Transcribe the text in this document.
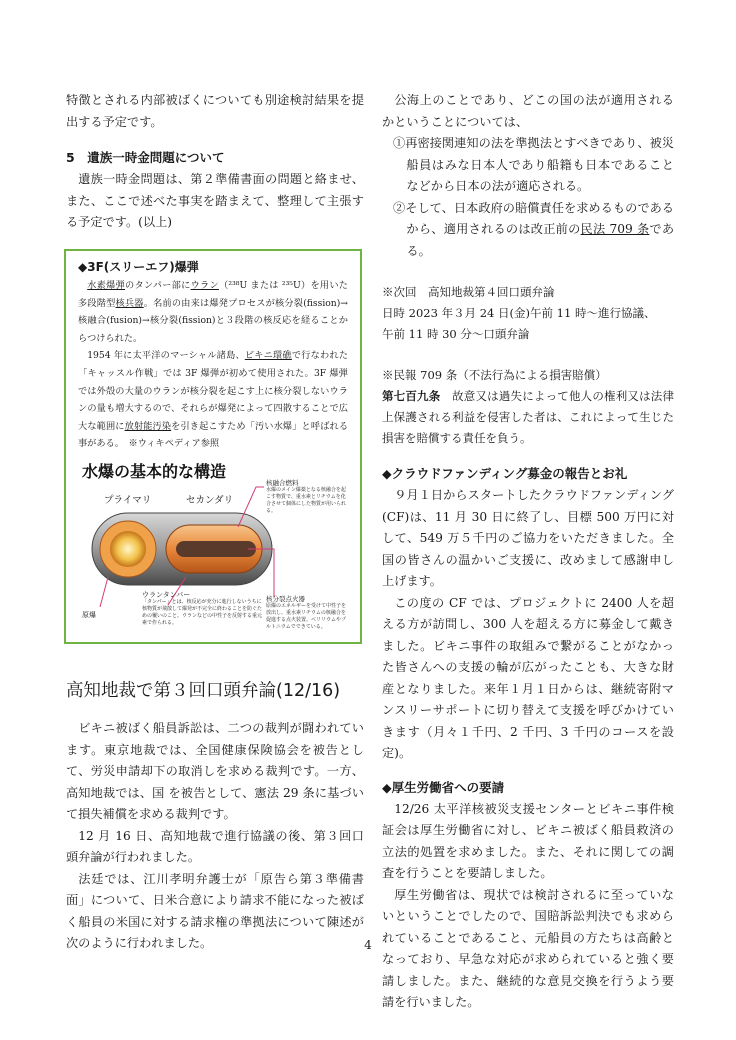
特徴とされる内部被ばくについても別途検討結果を提出する予定です。

5　遺族一時金問題について

遺族一時金問題は、第２準備書面の問題と絡ませ、また、ここで述べた事実を踏まえて、整理して主張する予定です。(以上)

◆3F(スリーエフ)爆弾

水素爆弾のタンパー部にウラン（²³⁸U または ²³⁵U）を用いた多段階型核兵器。名前の由来は爆発プロセスが核分裂(fission)→核融合(fusion)→核分裂(fission)と３段階の核反応を経ることからつけられた。

1954 年に太平洋のマーシャル諸島、ビキニ環礁で行なわれた「キャッスル作戦」では 3F 爆弾が初めて使用された。3F 爆弾では外殻の大量のウランが核分裂を起こす上に核分裂しないウランの量も増大するので、それらが爆発によって四散することで広大な範囲に放射能汚染を引き起こすため「汚い水爆」と呼ばれる事がある。　※ウィキペディア参照

水爆の基本的な構造
プライマリ	セカンダリ
原爆
ウランタンパー
核融合燃料
核分裂点火器
水爆のメイン爆薬となる核融合を起こす物質で、重水素とリチウムを化合させて個体にした物質が用いられる。
「タンパー」とは、核反応が充分に進行しないうちに核物質が飛散して爆発が不完全に終わることを防ぐための覆いのこと。ウランなどの中性子を反射する重元素で作られる。
原爆のエネルギーを受けて中性子を放出し、重水素リチウムの核融合を促進する点火装置。ベリリウムやプルトニウムでできている。
高知地裁で第３回口頭弁論(12/16)

ビキニ被ばく船員訴訟は、二つの裁判が闘われています。東京地裁では、全国健康保険協会を被告として、労災申請却下の取消しを求める裁判です。一方、高知地裁では、国 を被告として、憲法 29 条に基づいて損失補償を求める裁判です。

12 月 16 日、高知地裁で進行協議の後、第３回口頭弁論が行われました。

法廷では、江川孝明弁護士が「原告ら第３準備書面」について、日米合意により請求不能になった被ばく船員の米国に対する請求権の準拠法について陳述が次のように行われました。

公海上のことであり、どこの国の法が適用されるかということについては、

①再密接関連知の法を準拠法とすべきであり、被災船員はみな日本人であり船籍も日本であることなどから日本の法が適応される。

②そして、日本政府の賠償責任を求めるものであるから、適用されるのは改正前の民法 709 条である。

※次回　高知地裁第４回口頭弁論

日時 2023 年３月 24 日(金)午前 11 時～進行協議、

午前 11 時 30 分～口頭弁論

※民報 709 条（不法行為による損害賠償）

第七百九条　故意又は過失によって他人の権利又は法律上保護される利益を侵害した者は、これによって生じた損害を賠償する責任を負う。

◆クラウドファンディング募金の報告とお礼

９月１日からスタートしたクラウドファンディング(CF)は、11 月 30 日に終了し、目標 500 万円に対して、549 万５千円のご協力をいただきました。全国の皆さんの温かいご支援に、改めまして感謝申し上げます。

この度の CF では、プロジェクトに 2400 人を超える方が訪問し、300 人を超える方に募金して戴きました。ビキニ事件の取組みで繋がることがなかった皆さんへの支援の輪が広がったことも、大きな財産となりました。来年１月１日からは、継続寄附マンスリーサポートに切り替えて支援を呼びかけていきます（月々１千円、2 千円、3 千円のコースを設定)。

◆厚生労働省への要請

12/26 太平洋核被災支援センターとビキニ事件検証会は厚生労働省に対し、ビキニ被ばく船員救済の立法的処置を求めました。また、それに関しての調査を行うことを要請しました。

厚生労働省は、現状では検討されるに至っていないということでしたので、国賠訴訟判決でも求められていることであること、元船員の方たちは高齢となっており、早急な対応が求められていると強く要請しました。また、継続的な意見交換を行うよう要請を行いました。

4
